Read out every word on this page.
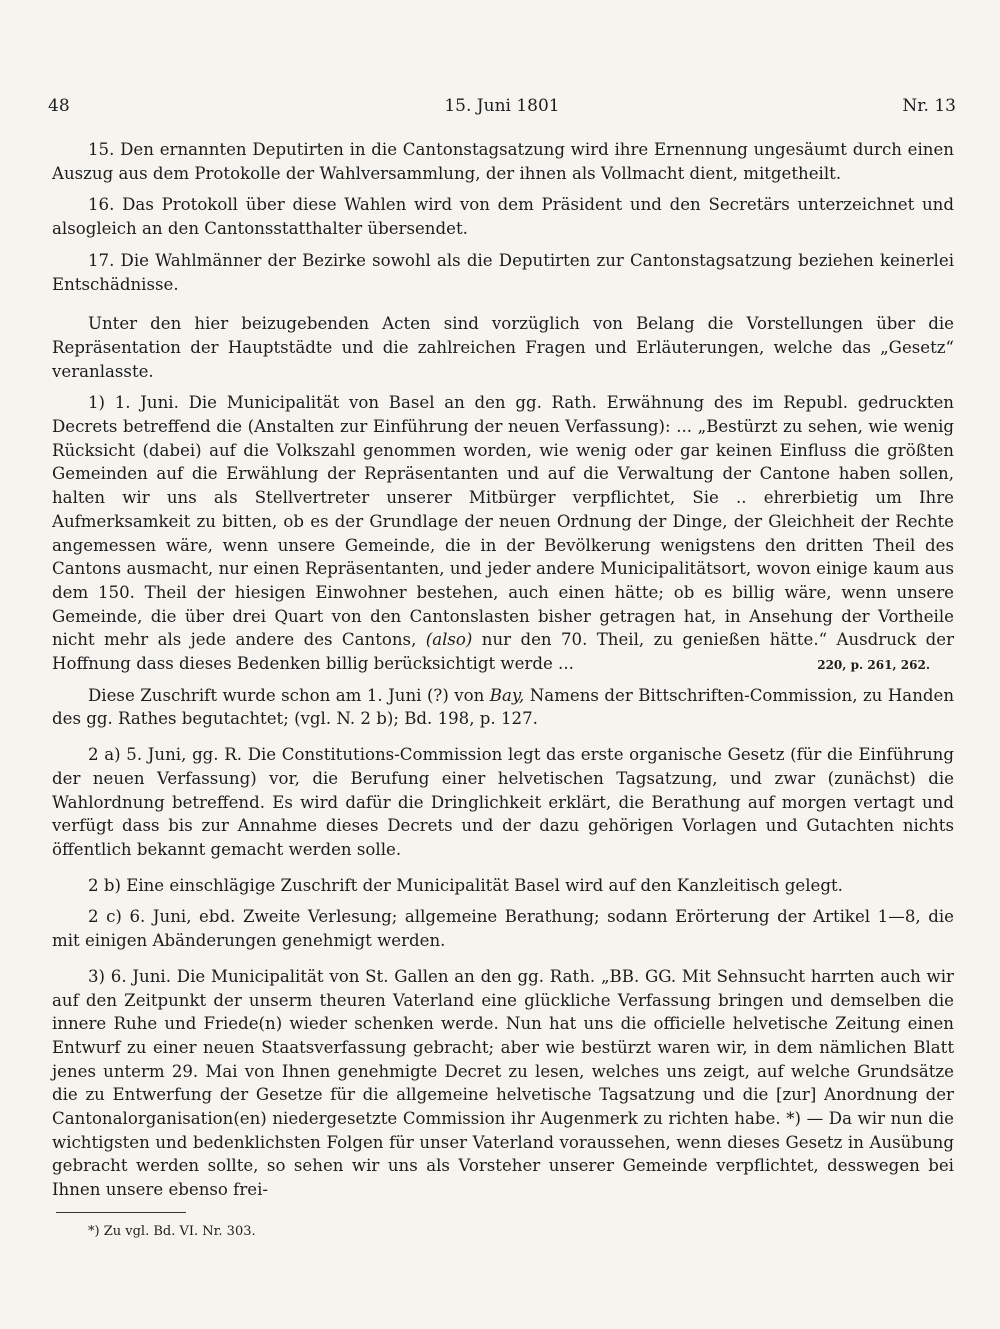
48	15. Juni 1801	Nr. 13

15. Den ernannten Deputirten in die Cantonstagsatzung wird ihre Ernennung ungesäumt durch einen Auszug aus dem Protokolle der Wahlversammlung, der ihnen als Vollmacht dient, mitgetheilt.

16. Das Protokoll über diese Wahlen wird von dem Präsident und den Secretärs unterzeichnet und alsogleich an den Cantonsstatthalter übersendet.

17. Die Wahlmänner der Bezirke sowohl als die Deputirten zur Cantonstagsatzung beziehen keinerlei Entschädnisse.

Unter den hier beizugebenden Acten sind vorzüglich von Belang die Vorstellungen über die Repräsentation der Hauptstädte und die zahlreichen Fragen und Erläuterungen, welche das „Gesetz“ veranlasste.

1) 1. Juni. Die Municipalität von Basel an den gg. Rath. Erwähnung des im Republ. gedruckten Decrets betreffend die (Anstalten zur Einführung der neuen Verfassung): ... „Bestürzt zu sehen, wie wenig Rücksicht (dabei) auf die Volkszahl genommen worden, wie wenig oder gar keinen Einfluss die größten Gemeinden auf die Erwählung der Repräsentanten und auf die Verwaltung der Cantone haben sollen, halten wir uns als Stellvertreter unserer Mitbürger verpflichtet, Sie .. ehrerbietig um Ihre Aufmerksamkeit zu bitten, ob es der Grundlage der neuen Ordnung der Dinge, der Gleichheit der Rechte angemessen wäre, wenn unsere Gemeinde, die in der Bevölkerung wenigstens den dritten Theil des Cantons ausmacht, nur einen Repräsentanten, und jeder andere Municipalitätsort, wovon einige kaum aus dem 150. Theil der hiesigen Einwohner bestehen, auch einen hätte; ob es billig wäre, wenn unsere Gemeinde, die über drei Quart von den Cantonslasten bisher getragen hat, in Ansehung der Vortheile nicht mehr als jede andere des Cantons, (also) nur den 70. Theil, zu genießen hätte.“ Ausdruck der Hoffnung dass dieses Bedenken billig berücksichtigt werde ...	220, p. 261, 262.

Diese Zuschrift wurde schon am 1. Juni (?) von Bay, Namens der Bittschriften-Commission, zu Handen des gg. Rathes begutachtet; (vgl. N. 2 b); Bd. 198, p. 127.

2 a) 5. Juni, gg. R. Die Constitutions-Commission legt das erste organische Gesetz (für die Einführung der neuen Verfassung) vor, die Berufung einer helvetischen Tagsatzung, und zwar (zunächst) die Wahlordnung betreffend. Es wird dafür die Dringlichkeit erklärt, die Berathung auf morgen vertagt und verfügt dass bis zur Annahme dieses Decrets und der dazu gehörigen Vorlagen und Gutachten nichts öffentlich bekannt gemacht werden solle.

2 b) Eine einschlägige Zuschrift der Municipalität Basel wird auf den Kanzleitisch gelegt.

2 c) 6. Juni, ebd. Zweite Verlesung; allgemeine Berathung; sodann Erörterung der Artikel 1—8, die mit einigen Abänderungen genehmigt werden.

3) 6. Juni. Die Municipalität von St. Gallen an den gg. Rath. „BB. GG. Mit Sehnsucht harrten auch wir auf den Zeitpunkt der unserm theuren Vaterland eine glückliche Verfassung bringen und demselben die innere Ruhe und Friede(n) wieder schenken werde. Nun hat uns die officielle helvetische Zeitung einen Entwurf zu einer neuen Staatsverfassung gebracht; aber wie bestürzt waren wir, in dem nämlichen Blatt jenes unterm 29. Mai von Ihnen genehmigte Decret zu lesen, welches uns zeigt, auf welche Grundsätze die zu Entwerfung der Gesetze für die allgemeine helvetische Tagsatzung und die [zur] Anordnung der Cantonalorganisation(en) niedergesetzte Commission ihr Augenmerk zu richten habe. *) — Da wir nun die wichtigsten und bedenklichsten Folgen für unser Vaterland voraussehen, wenn dieses Gesetz in Ausübung gebracht werden sollte, so sehen wir uns als Vorsteher unserer Gemeinde verpflichtet, desswegen bei Ihnen unsere ebenso frei-

*) Zu vgl. Bd. VI. Nr. 303.
